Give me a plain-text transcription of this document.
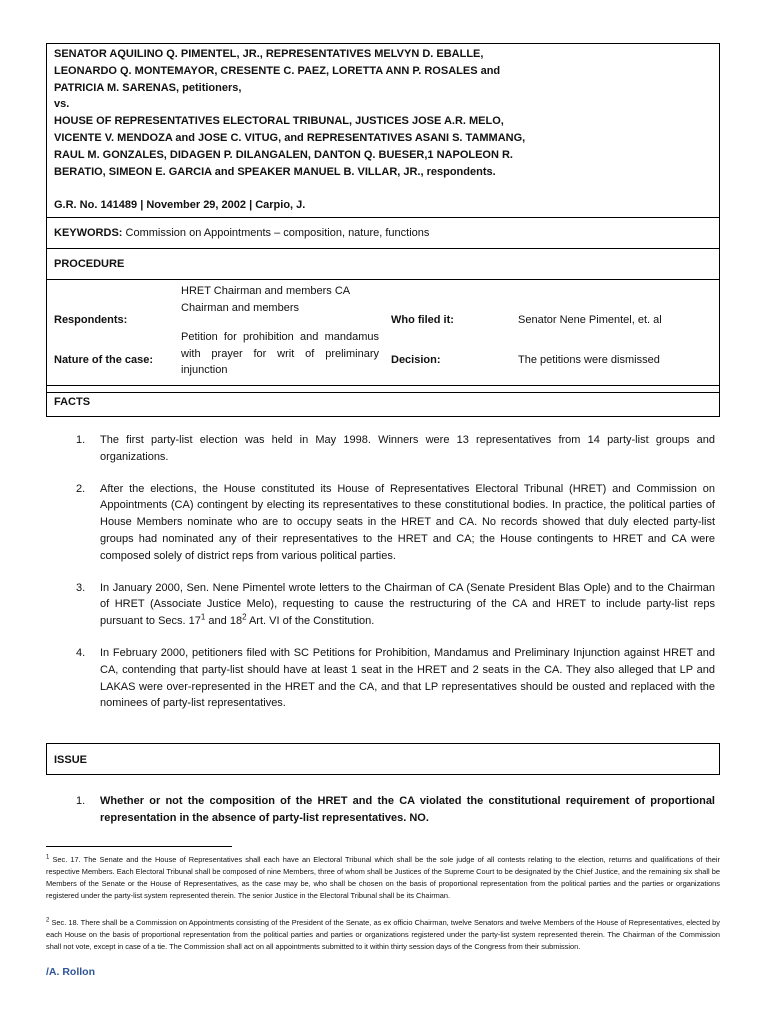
SENATOR AQUILINO Q. PIMENTEL, JR., REPRESENTATIVES MELVYN D. EBALLE,
LEONARDO Q. MONTEMAYOR, CRESENTE C. PAEZ, LORETTA ANN P. ROSALES and
PATRICIA M. SARENAS, petitioners,
vs.
HOUSE OF REPRESENTATIVES ELECTORAL TRIBUNAL, JUSTICES JOSE A.R. MELO,
VICENTE V. MENDOZA and JOSE C. VITUG, and REPRESENTATIVES ASANI S. TAMMANG,
RAUL M. GONZALES, DIDAGEN P. DILANGALEN, DANTON Q. BUESER,1 NAPOLEON R.
BERATIO, SIMEON E. GARCIA and SPEAKER MANUEL B. VILLAR, JR., respondents.
G.R. No. 141489 | November 29, 2002 | Carpio, J.
KEYWORDS: Commission on Appointments – composition, nature, functions
PROCEDURE
Respondents:
HRET Chairman and members CA Chairman and members
Who filed it:	Senator Nene Pimentel, et. al
Nature of the case:
Petition for prohibition and mandamus with prayer for writ of preliminary injunction
Decision:	The petitions were dismissed
FACTS
1. The first party-list election was held in May 1998. Winners were 13 representatives from 14 party-list groups and organizations.
2. After the elections, the House constituted its House of Representatives Electoral Tribunal (HRET) and Commission on Appointments (CA) contingent by electing its representatives to these constitutional bodies. In practice, the political parties of House Members nominate who are to occupy seats in the HRET and CA. No records showed that duly elected party-list groups had nominated any of their representatives to the HRET and CA; the House contingents to HRET and CA were composed solely of district reps from various political parties.
3. In January 2000, Sen. Nene Pimentel wrote letters to the Chairman of CA (Senate President Blas Ople) and to the Chairman of HRET (Associate Justice Melo), requesting to cause the restructuring of the CA and HRET to include party-list reps pursuant to Secs. $17^1$ and $18^2$ Art. VI of the Constitution.
4. In February 2000, petitioners filed with SC Petitions for Prohibition, Mandamus and Preliminary Injunction against HRET and CA, contending that party-list should have at least 1 seat in the HRET and 2 seats in the CA. They also alleged that LP and LAKAS were over-represented in the HRET and the CA, and that LP representatives should be ousted and replaced with the nominees of party-list representatives.
ISSUE
1. Whether or not the composition of the HRET and the CA violated the constitutional requirement of proportional representation in the absence of party-list representatives. NO.
$^1$ Sec. 17. The Senate and the House of Representatives shall each have an Electoral Tribunal which shall be the sole judge of all contests relating to the election, returns and qualifications of their respective Members. Each Electoral Tribunal shall be composed of nine Members, three of whom shall be Justices of the Supreme Court to be designated by the Chief Justice, and the remaining six shall be Members of the Senate or the House of Representatives, as the case may be, who shall be chosen on the basis of proportional representation from the political parties and the parties or organizations registered under the party-list system represented therein. The senior Justice in the Electoral Tribunal shall be its Chairman.
$^2$ Sec. 18. There shall be a Commission on Appointments consisting of the President of the Senate, as ex officio Chairman, twelve Senators and twelve Members of the House of Representatives, elected by each House on the basis of proportional representation from the political parties and parties or organizations registered under the party-list system represented therein. The Chairman of the Commission shall not vote, except in case of a tie. The Commission shall act on all appointments submitted to it within thirty session days of the Congress from their submission.
/A. Rollon
